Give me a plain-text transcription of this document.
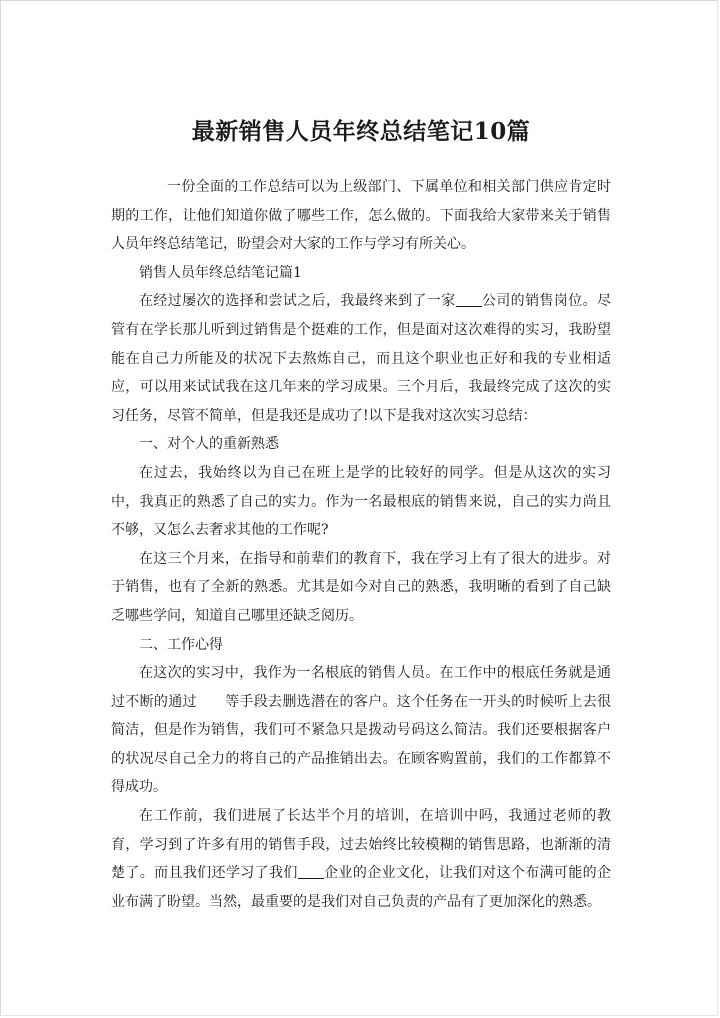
最新销售人员年终总结笔记10篇

一份全面的工作总结可以为上级部门、下属单位和相关部门供应肯定时期的工作，让他们知道你做了哪些工作，怎么做的。下面我给大家带来关于销售人员年终总结笔记，盼望会对大家的工作与学习有所关心。

销售人员年终总结笔记篇1

在经过屡次的选择和尝试之后，我最终来到了一家 公司的销售岗位。尽管有在学长那儿听到过销售是个挺难的工作，但是面对这次难得的实习，我盼望能在自己力所能及的状况下去熬炼自己，而且这个职业也正好和我的专业相适应，可以用来试试我在这几年来的学习成果。三个月后，我最终完成了这次的实习任务，尽管不简单，但是我还是成功了!以下是我对这次实习总结：

一、对个人的重新熟悉

在过去，我始终以为自己在班上是学的比较好的同学。但是从这次的实习中，我真正的熟悉了自己的实力。作为一名最根底的销售来说，自己的实力尚且不够，又怎么去奢求其他的工作呢?

在这三个月来，在指导和前辈们的教育下，我在学习上有了很大的进步。对于销售，也有了全新的熟悉。尤其是如今对自己的熟悉，我明晰的看到了自己缺乏哪些学问，知道自己哪里还缺乏阅历。

二、工作心得

在这次的实习中，我作为一名根底的销售人员。在工作中的根底任务就是通过不断的通过 等手段去删选潜在的客户。这个任务在一开头的时候听上去很简洁，但是作为销售，我们可不紧急只是拨动号码这么简洁。我们还要根据客户的状况尽自己全力的将自己的产品推销出去。在顾客购置前，我们的工作都算不得成功。

在工作前，我们进展了长达半个月的培训，在培训中吗，我通过老师的教育，学习到了许多有用的销售手段，过去始终比较模糊的销售思路，也渐渐的清楚了。而且我们还学习了我们 企业的企业文化，让我们对这个布满可能的企业布满了盼望。当然，最重要的是我们对自己负责的产品有了更加深化的熟悉。
